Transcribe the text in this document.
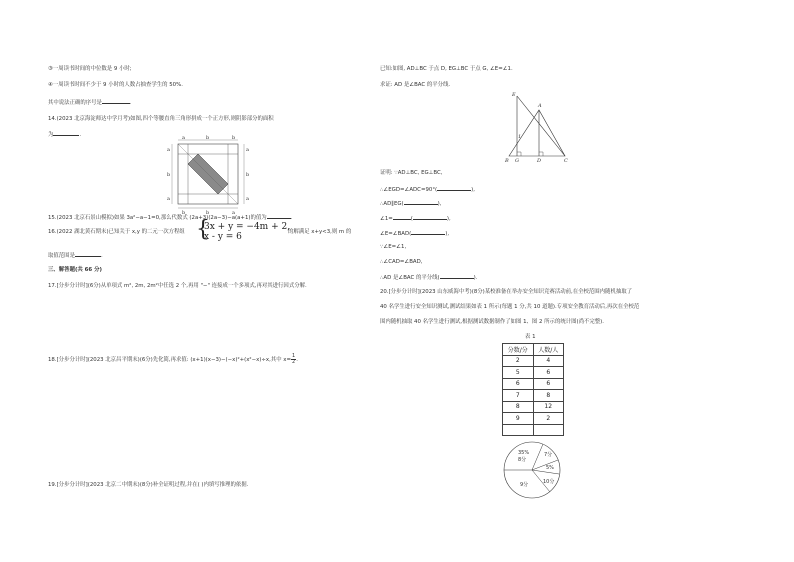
③一周读书时间的中位数是 9 小时;
④一周读书时间不少于 9 小时的人数占抽查学生的 50%.
其中说法正确的序号是	.
14.(2023 北京海淀师达中学月考)如图,四个等腰直角三角形拼成一个正方形,则阴影部分的面积
为	.	a	b
a
b
a
a
b
a
b
b	a
b
15.(2023 北京石景山模拟)如果 3a²−a−1=0,那么代数式 (2a+3)(2a−3)−a(a+1)的值为	.
16.(2022 湖北黄石期末)已知关于 x,y 的二元一次方程组 {
3x + y = −4m + 2,
x - y = 6	的解满足 x+y<3,则 m 的
取值范围是	.
三、解答题(共 66 分)
17.[分步分计时](6分)从单项式 m², 2m, 2m²中任选 2 个,再用 "−" 连接成一个多项式,再对其进行因式分解.
18.[分步分计时](2023 北京昌平期末)(6分)先化简,再求值: (x+1)(x−3)−(−x)²+(x²−x)÷x,其中 $x= \frac{1}{2}$ .
19.[分步分计时](2023 北京二中期末)(8分)补全证明过程,并在( )内填写推理的依据.
已知:如图, AD⊥BC 于点 D, EG⊥BC 于点 G, ∠E=∠1.
求证: AD 是∠BAC 的平分线.
E
A
1
B G	D	C
证明: ∵AD⊥BC, EG⊥BC,
∴∠EGD=∠ADC=90°(	),
∴AD∥EG(	),
∠1=	(	),
∠E=∠BAD(	),
∵∠E=∠1,
∴∠CAD=∠BAD,
∴AD 是∠BAC 的平分线(	).
20.[分步分计时](2023 山东威海中考)(8分)某校准备在举办安全知识竞赛活动前,在全校范围内随机抽取了
40 名学生进行安全知识测试,测试结果如表 1 所示(每题 1 分,共 10 道题).专项安全教育活动后,再次在全校范
围内随机抽取 40 名学生进行测试,根据测试数据制作了如图 1、图 2 所示的统计图(尚不完整).
表 1
分数/分	人数/人
2	4
5	6
6	6
7	8
8	12
9	2

35%
8分
7分
5%
10分
9分
